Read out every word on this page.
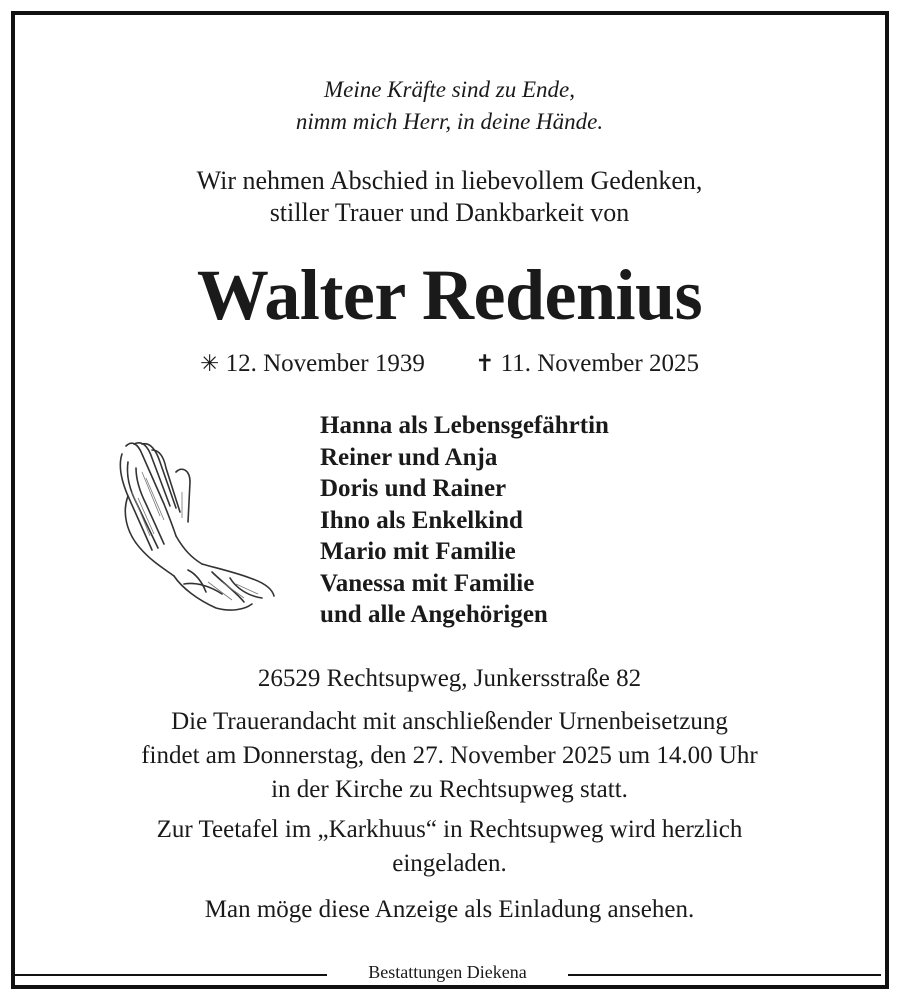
Meine Kräfte sind zu Ende,
nimm mich Herr, in deine Hände.
Wir nehmen Abschied in liebevollem Gedenken,
stiller Trauer und Dankbarkeit von
Walter Redenius
✳ 12. November 1939 ✝ 11. November 2025
Hanna als Lebensgefährtin
Reiner und Anja
Doris und Rainer
Ihno als Enkelkind
Mario mit Familie
Vanessa mit Familie
und alle Angehörigen
26529 Rechtsupweg, Junkersstraße 82
Die Trauerandacht mit anschließender Urnenbeisetzung
findet am Donnerstag, den 27. November 2025 um 14.00 Uhr
in der Kirche zu Rechtsupweg statt.
Zur Teetafel im „Karkhuus“ in Rechtsupweg wird herzlich
eingeladen.
Man möge diese Anzeige als Einladung ansehen.
Bestattungen Diekena
